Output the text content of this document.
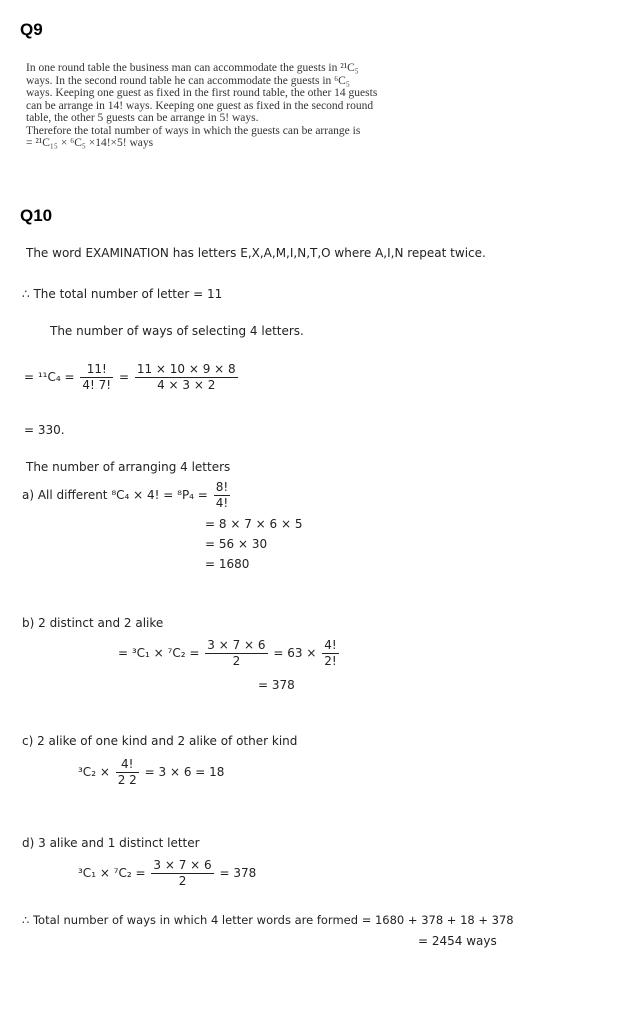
Q9
In one round table the business man can accommodate the guests in ²¹C₅
ways. In the second round table he can accommodate the guests in ⁶C₅
ways. Keeping one guest as fixed in the first round table, the other 14 guests
can be arrange in 14! ways. Keeping one guest as fixed in the second round
table, the other 5 guests can be arrange in 5! ways.
Therefore the total number of ways in which the guests can be arrange is
= ²¹C₁₅ × ⁶C₅ ×14!×5! ways
Q10
The word EXAMINATION has letters E,X,A,M,I,N,T,O where A,I,N repeat twice.
∴ The total number of letter = 11
The number of ways of selecting 4 letters.
= $^{11}C_4 = \frac{11!}{4! 7!} = \frac{11 \times 10 \times 9 \times 8}{4 \times 3 \times 2}$
= 330.
The number of arranging 4 letters
a) All different ⁸C₄ × 4! = $^8P_4 = \frac{8!}{4!}$
= 8 × 7 × 6 × 5
= 56 × 30
= 1680
b) 2 distinct and 2 alike
= $^3C_1 \times ^7C_2 = \frac{3 \times 7 \times 6}{2} = 63 \times \frac{4!}{2!}$
= 378
c) 2 alike of one kind and 2 alike of other kind
$^3C_2 \times \frac{4!}{2 2} = 3 \times 6 = 18$
d) 3 alike and 1 distinct letter
$^3C_1 \times ^7C_2 = \frac{3 \times 7 \times 6}{2} = 378$
∴ Total number of ways in which 4 letter words are formed = 1680 + 378 + 18 + 378
= 2454 ways
